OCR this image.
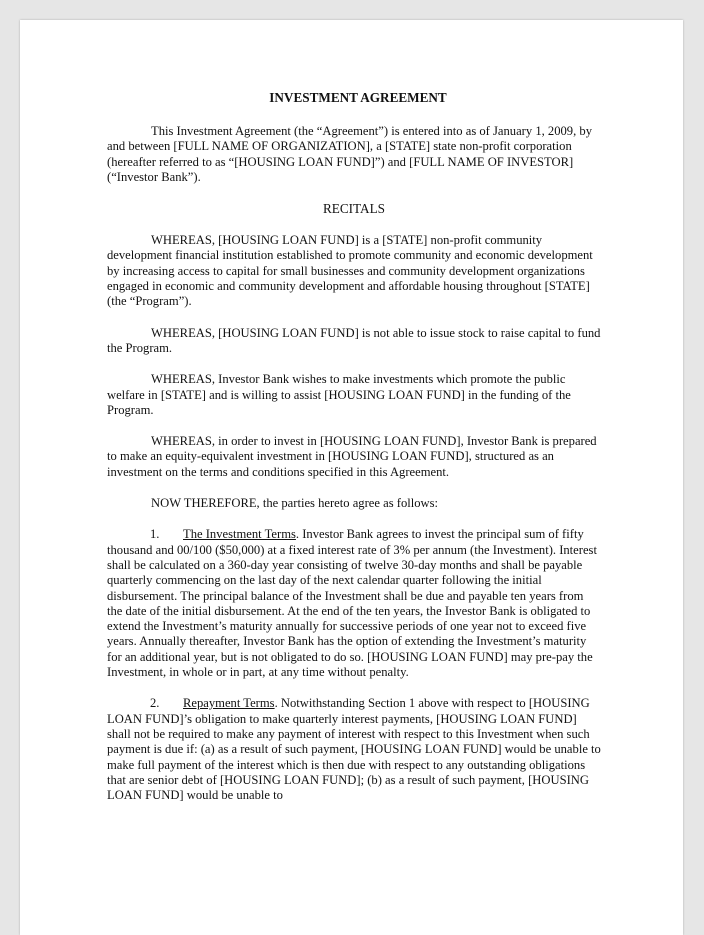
INVESTMENT AGREEMENT
This Investment Agreement (the “Agreement”) is entered into as of January 1, 2009, by and between [FULL NAME OF ORGANIZATION], a [STATE] state non-profit corporation (hereafter referred to as “[HOUSING LOAN FUND]”) and [FULL NAME OF INVESTOR] (“Investor Bank”).
RECITALS
WHEREAS, [HOUSING LOAN FUND] is a [STATE] non-profit community development financial institution established to promote community and economic development by increasing access to capital for small businesses and community development organizations engaged in economic and community development and affordable housing throughout [STATE] (the “Program”).
WHEREAS, [HOUSING LOAN FUND] is not able to issue stock to raise capital to fund the Program.
WHEREAS, Investor Bank wishes to make investments which promote the public welfare in [STATE] and is willing to assist [HOUSING LOAN FUND] in the funding of the Program.
WHEREAS, in order to invest in [HOUSING LOAN FUND], Investor Bank is prepared to make an equity-equivalent investment in [HOUSING LOAN FUND], structured as an investment on the terms and conditions specified in this Agreement.
NOW THEREFORE, the parties hereto agree as follows:
1. The Investment Terms. Investor Bank agrees to invest the principal sum of fifty thousand and 00/100 ($50,000) at a fixed interest rate of 3% per annum (the Investment). Interest shall be calculated on a 360-day year consisting of twelve 30-day months and shall be payable quarterly commencing on the last day of the next calendar quarter following the initial disbursement. The principal balance of the Investment shall be due and payable ten years from the date of the initial disbursement. At the end of the ten years, the Investor Bank is obligated to extend the Investment’s maturity annually for successive periods of one year not to exceed five years. Annually thereafter, Investor Bank has the option of extending the Investment’s maturity for an additional year, but is not obligated to do so. [HOUSING LOAN FUND] may pre-pay the Investment, in whole or in part, at any time without penalty.
2. Repayment Terms. Notwithstanding Section 1 above with respect to [HOUSING LOAN FUND]’s obligation to make quarterly interest payments, [HOUSING LOAN FUND] shall not be required to make any payment of interest with respect to this Investment when such payment is due if: (a) as a result of such payment, [HOUSING LOAN FUND] would be unable to make full payment of the interest which is then due with respect to any outstanding obligations that are senior debt of [HOUSING LOAN FUND]; (b) as a result of such payment, [HOUSING LOAN FUND] would be unable to
